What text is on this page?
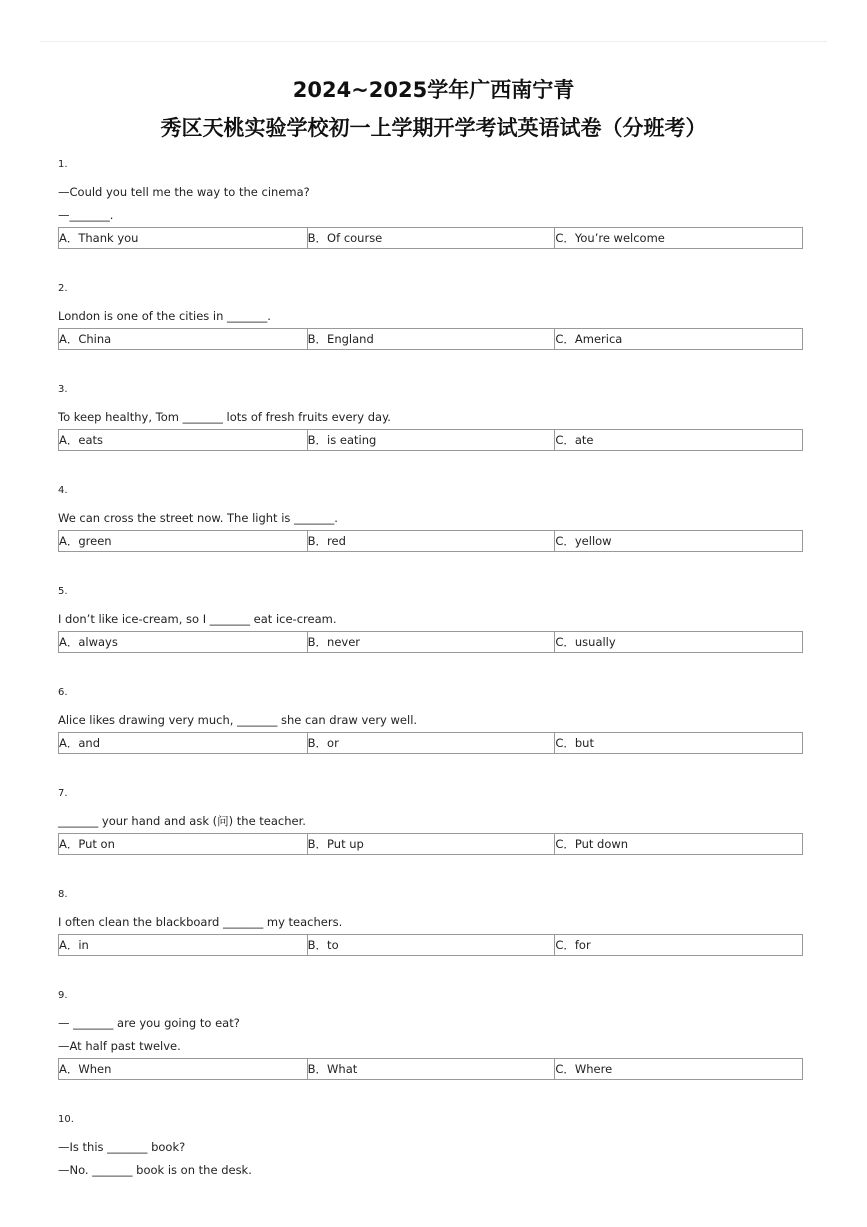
2024~2025学年广西南宁青
秀区天桃实验学校初一上学期开学考试英语试卷（分班考）
1.
—Could you tell me the way to the cinema?
—_______.
A．Thank you	B．Of course	C．You’re welcome
2.
London is one of the cities in _______.
A．China	B．England	C．America
3.
To keep healthy, Tom _______ lots of fresh fruits every day.
A．eats	B．is eating	C．ate
4.
We can cross the street now. The light is _______.
A．green	B．red	C．yellow
5.
I don’t like ice-cream, so I _______ eat ice-cream.
A．always	B．never	C．usually
6.
Alice likes drawing very much, _______ she can draw very well.
A．and	B．or	C．but
7.
_______ your hand and ask (问) the teacher.
A．Put on	B．Put up	C．Put down
8.
I often clean the blackboard _______ my teachers.
A．in	B．to	C．for
9.
— _______ are you going to eat?
—At half past twelve.
A．When	B．What	C．Where
10.
—Is this _______ book?
—No. _______ book is on the desk.
